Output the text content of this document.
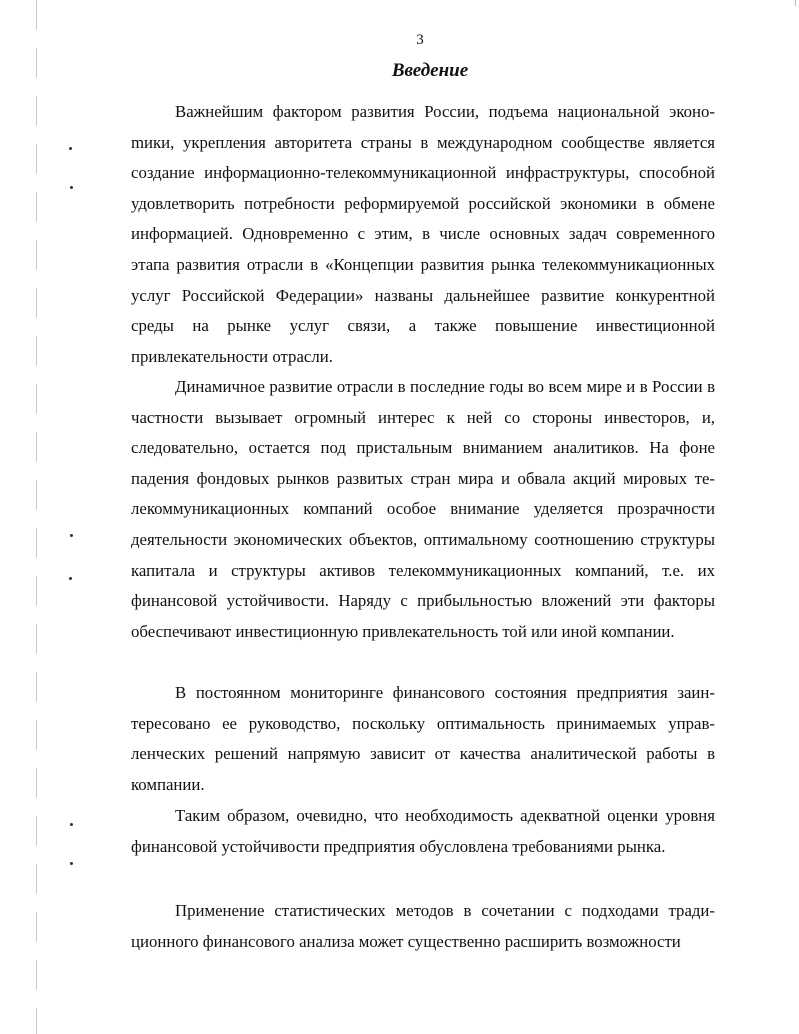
3
Введение

Важнейшим фактором развития России, подъема национальной эконоmики, укрепления авторитета страны в международном сообществе является создание информационно-телекоммуникационной инфраструктуры, способной удовлетворить потребности реформируемой российской экономики в обмене информацией. Одновременно с этим, в числе основных задач современного этапа развития отрасли в «Концепции развития рынка телекоммуникационных услуг Российской Федерации» названы дальнейшее развитие конкурентной среды на рынке услуг связи, а также повышение инвестиционной привлекательности отрасли.

Динамичное развитие отрасли в последние годы во всем мире и в России в частности вызывает огромный интерес к ней со стороны инвесторов, и, следовательно, остается под пристальным вниманием аналитиков. На фоне падения фондовых рынков развитых стран мира и обвала акций мировых телекоммуникационных компаний особое внимание уделяется прозрачности деятельности экономических объектов, оптимальному соотношению структуры капитала и структуры активов телекоммуникационных компаний, т.е. их финансовой устойчивости. Наряду с прибыльностью вложений эти факторы обеспечивают инвестиционную привлекательность той или иной компании.

В постоянном мониторинге финансового состояния предприятия заинтересовано ее руководство, поскольку оптимальность принимаемых управленческих решений напрямую зависит от качества аналитической работы в компании.

Таким образом, очевидно, что необходимость адекватной оценки уровня финансовой устойчивости предприятия обусловлена требованиями рынка.

Применение статистических методов в сочетании с подходами традиционного финансового анализа может существенно расширить возможности
